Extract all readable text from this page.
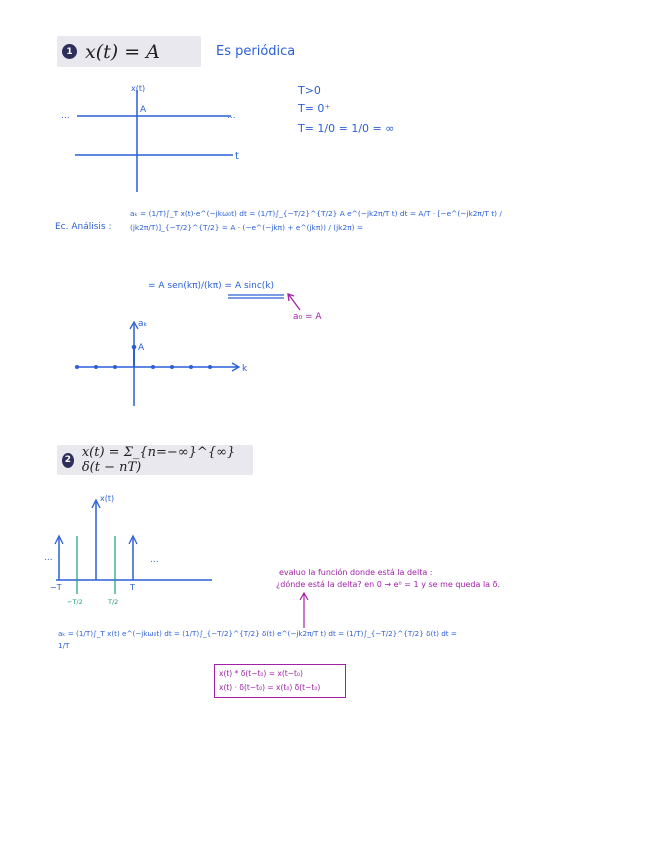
1 x(t) = A	Es periódica
x(t)
A
t
...	...
T>0
T= 0⁺
T= 1/0 = 1/0 = ∞
Ec. Análisis :
aₖ = (1/T)∫_T x(t)·e^(−jkω₀t) dt = (1/T)∫_{−T/2}^{T/2} A e^(−jk2π/T t) dt = A/T · [−e^(−jk2π/T t) / (jk2π/T)]_{−T/2}^{T/2} = A · (−e^(−jkπ) + e^(jkπ)) / (jk2π) =
= A sen(kπ)/(kπ) = A sinc(k)
a₀ = A
aₖ
A
k
2 x(t) = Σ_{n=−∞}^{∞} δ(t − nT)
x(t)
...	...
−T
−T/2	T/2
T
evaluo la función donde está la delta :
¿dónde está la delta? en 0 → e⁰ = 1 y se me queda la δ.
aₖ = (1/T)∫_T x(t) e^(−jkω₀t) dt = (1/T)∫_{−T/2}^{T/2} δ(t) e^(−jk2π/T t) dt = (1/T)∫_{−T/2}^{T/2} δ(t) dt = 1/T
x(t) * δ(t−t₀) = x(t−t₀)
x(t) · δ(t−t₀) = x(t₀) δ(t−t₀)
